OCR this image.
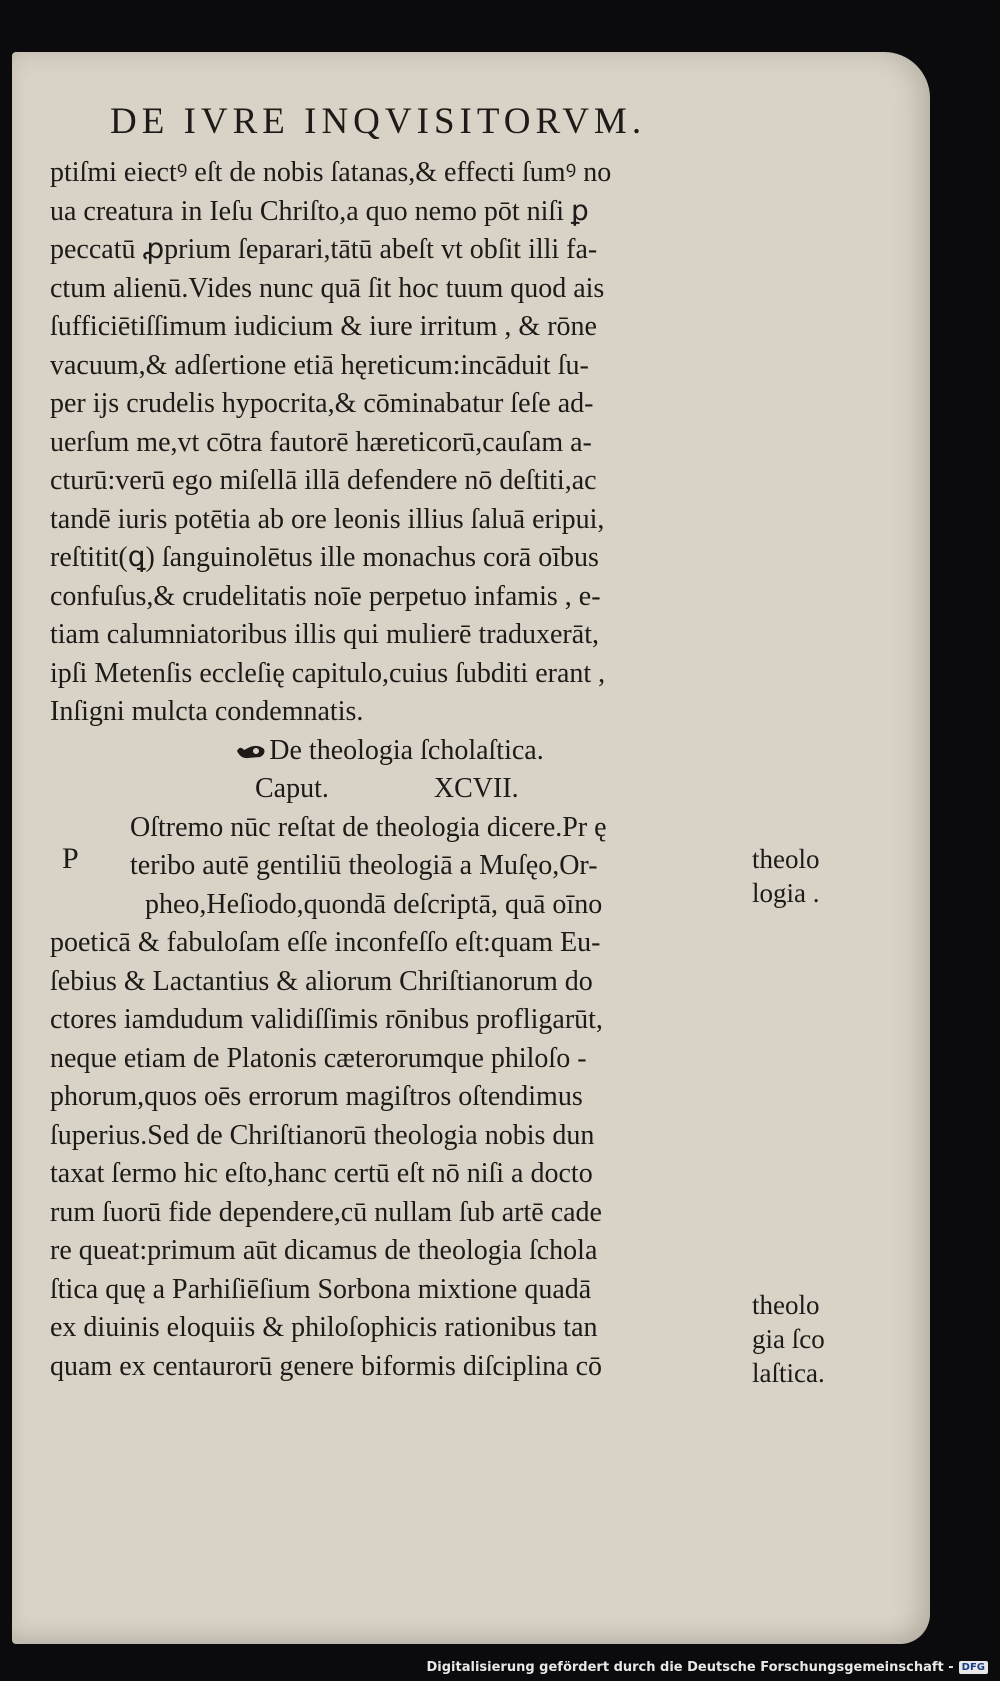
DE IVRE INQVISITORVM.
ptiſmi eiectꝰ eſt de nobis ſatanas,& effecti ſumꝰ no
ua creatura in Ieſu Chriſto,a quo nemo pōt niſi ꝑ
peccatū ꝓprium ſeparari,tātū abeſt vt obſit illi fa-
ctum alienū.Vides nunc quā ſit hoc tuum quod ais
ſufficiētiſſimum iudicium & iure irritum , & rōne
vacuum,& adſertione etiā hęreticum:incāduit ſu-
per ijs crudelis hypocrita,& cōminabatur ſeſe ad-
uerſum me,vt cōtra fautorē hæreticorū,cauſam a-
cturū:verū ego miſellā illā defendere nō deſtiti,ac
tandē iuris potētia ab ore leonis illius ſaluā eripui,
reſtitit(ꝗ) ſanguinolētus ille monachus corā oībus
confuſus,& crudelitatis noīe perpetuo infamis , e-
tiam calumniatoribus illis qui mulierē traduxerāt,
ipſi Metenſis eccleſię capitulo,cuius ſubditi erant ,
Inſigni mulcta condemnatis.
De theologia ſcholaſtica.
Caput.	XCVII.
Oſtremo nūc reſtat de theologia dicere.Pr ę
teribo autē gentiliū theologiā a Muſęo,Or-
pheo,Heſiodo,quondā deſcriptā, quā oīno
poeticā & fabuloſam eſſe inconfeſſo eſt:quam Eu-
ſebius & Lactantius & aliorum Chriſtianorum do
ctores iamdudum validiſſimis rōnibus profligarūt,
neque etiam de Platonis cæterorumque philoſo -
phorum,quos oēs errorum magiſtros oſtendimus
ſuperius.Sed de Chriſtianorū theologia nobis dun
taxat ſermo hic eſto,hanc certū eſt nō niſi a docto
rum ſuorū fide dependere,cū nullam ſub artē cade
re queat:primum aūt dicamus de theologia ſchola
ſtica quę a Parhiſiēſium Sorbona mixtione quadā
ex diuinis eloquiis & philoſophicis rationibus tan
quam ex centaurorū genere biformis diſciplina cō
P	theolo
logia .
theolo
gia ſco
laſtica.
Digitalisierung gefördert durch die Deutsche Forschungsgemeinschaft - DFG
